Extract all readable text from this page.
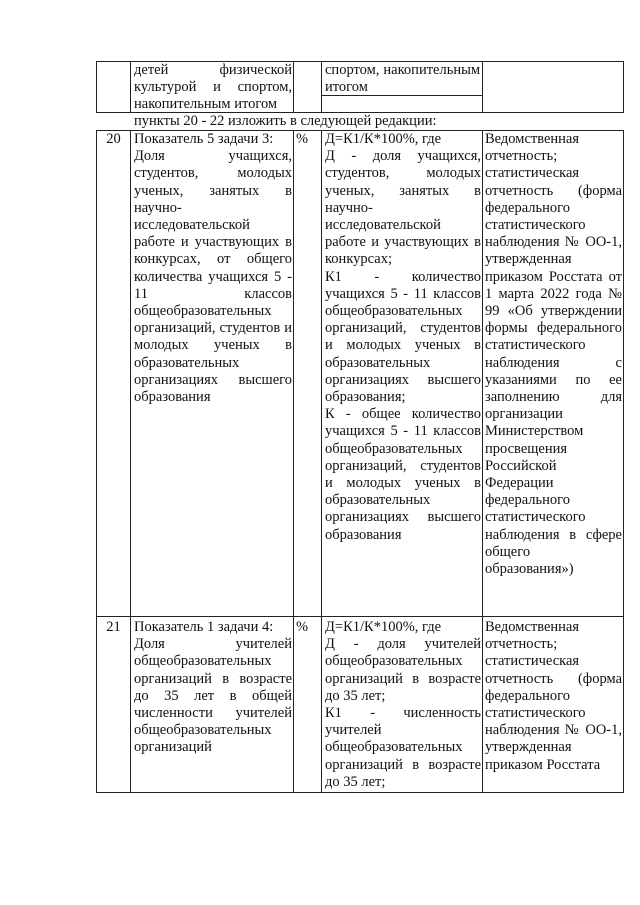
детей физической культурой и спортом, накопительным итогом
спортом, накопительным итогом
пункты 20 - 22 изложить в следующей редакции:
20 Показатель 5 задачи 3:
Доля учащихся, студентов, молодых ученых, занятых в научно-исследовательской работе и участвующих в конкурсах, от общего количества учащихся 5 - 11 классов общеобразовательных организаций, студентов и молодых ученых в образовательных организациях высшего образования
%	Д=К1/К*100%, где
Д - доля учащихся, студентов, молодых ученых, занятых в научно-исследовательской работе и участвующих в конкурсах;
К1 - количество учащихся 5 - 11 классов общеобразовательных организаций, студентов и молодых ученых в образовательных организациях высшего образования;
К - общее количество учащихся 5 - 11 классов общеобразовательных организаций, студентов и молодых ученых в образовательных организациях высшего образования
Ведомственная отчетность; статистическая отчетность (форма федерального статистического наблюдения № ОО-1, утвержденная приказом Росстата от 1 марта 2022 года № 99 «Об утверждении формы федерального статистического наблюдения с указаниями по ее заполнению для организации Министерством просвещения Российской Федерации федерального статистического наблюдения в сфере общего образования»)
21 Показатель 1 задачи 4:
Доля учителей общеобразовательных организаций в возрасте до 35 лет в общей численности учителей общеобразовательных организаций
%	Д=К1/К*100%, где
Д - доля учителей общеобразовательных организаций в возрасте до 35 лет;
К1 - численность учителей общеобразовательных организаций в возрасте до 35 лет;
Ведомственная отчетность; статистическая отчетность (форма федерального статистического наблюдения № ОО-1, утвержденная приказом Росстата
